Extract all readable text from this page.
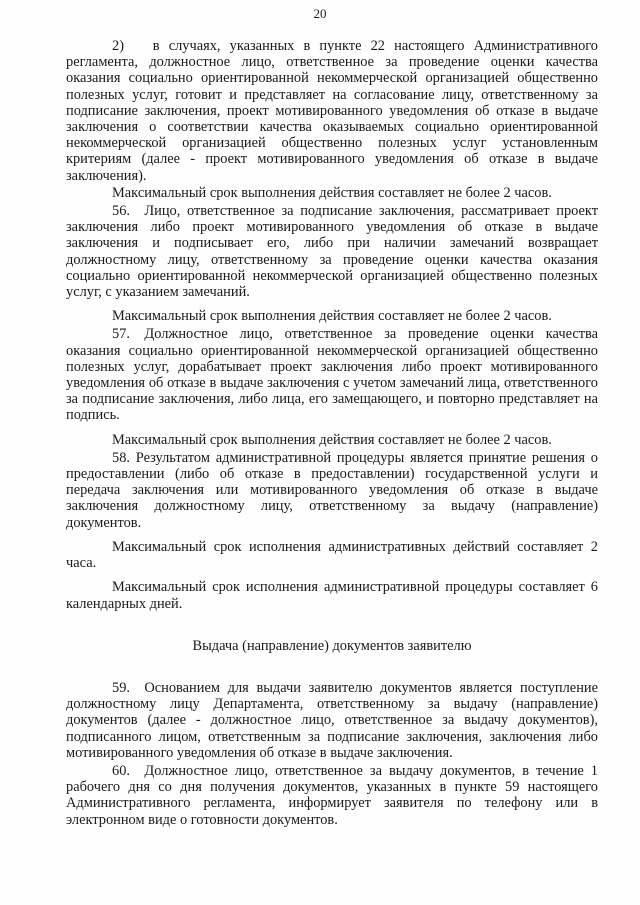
20

2)  в случаях, указанных в пункте 22 настоящего Административного регламента, должностное лицо, ответственное за проведение оценки качества оказания социально ориентированной некоммерческой организацией общественно полезных услуг, готовит и представляет на согласование лицу, ответственному за подписание заключения, проект мотивированного уведомления об отказе в выдаче заключения о соответствии качества оказываемых социально ориентированной некоммерческой организацией общественно полезных услуг установленным критериям (далее - проект мотивированного уведомления об отказе в выдаче заключения).

Максимальный срок выполнения действия составляет не более 2 часов.

56. Лицо, ответственное за подписание заключения, рассматривает проект заключения либо проект мотивированного уведомления об отказе в выдаче заключения и подписывает его, либо при наличии замечаний возвращает должностному лицу, ответственному за проведение оценки качества оказания социально ориентированной некоммерческой организацией общественно полезных услуг, с указанием замечаний.

Максимальный срок выполнения действия составляет не более 2 часов.

57. Должностное лицо, ответственное за проведение оценки качества оказания социально ориентированной некоммерческой организацией общественно полезных услуг, дорабатывает проект заключения либо проект мотивированного уведомления об отказе в выдаче заключения с учетом замечаний лица, ответственного за подписание заключения, либо лица, его замещающего, и повторно представляет на подпись.

Максимальный срок выполнения действия составляет не более 2 часов.

58. Результатом административной процедуры является принятие решения о предоставлении (либо об отказе в предоставлении) государственной услуги и передача заключения или мотивированного уведомления об отказе в выдаче заключения должностному лицу, ответственному за выдачу (направление) документов.

Максимальный срок исполнения административных действий составляет 2 часа.

Максимальный срок исполнения административной процедуры составляет 6 календарных дней.

Выдача (направление) документов заявителю

59. Основанием для выдачи заявителю документов является поступление должностному лицу Департамента, ответственному за выдачу (направление) документов (далее - должностное лицо, ответственное за выдачу документов), подписанного лицом, ответственным за подписание заключения, заключения либо мотивированного уведомления об отказе в выдаче заключения.

60. Должностное лицо, ответственное за выдачу документов, в течение 1 рабочего дня со дня получения документов, указанных в пункте 59 настоящего Административного регламента, информирует заявителя по телефону или в электронном виде о готовности документов.
